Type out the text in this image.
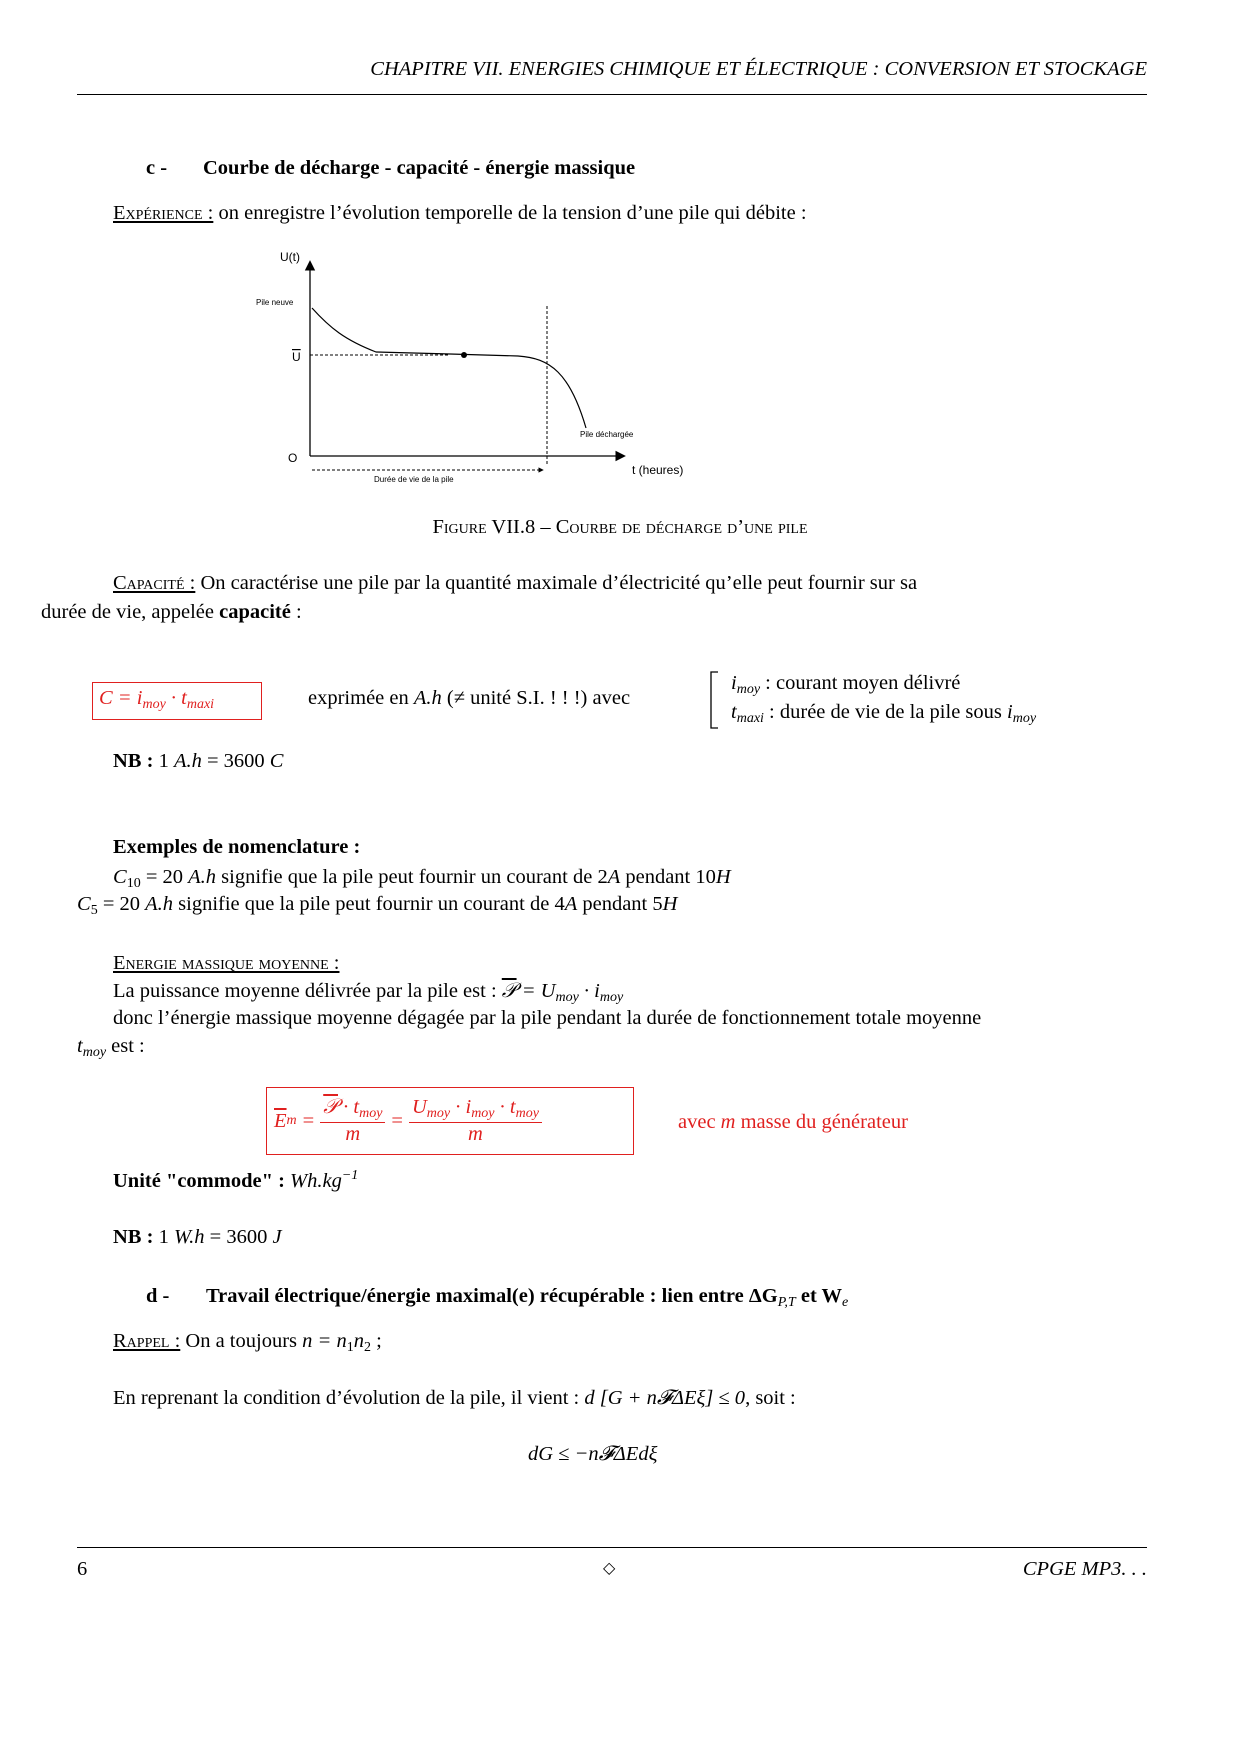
CHAPITRE VII. ENERGIES CHIMIQUE ET ÉLECTRIQUE : CONVERSION ET STOCKAGE
c - Courbe de décharge - capacité - énergie massique
Expérience : on enregistre l’évolution temporelle de la tension d’une pile qui débite :
U(t)
Pile neuve
U
O
Pile déchargée
t (heures)
Durée de vie de la pile
Figure VII.8 – Courbe de décharge d’une pile
Capacité : On caractérise une pile par la quantité maximale d’électricité qu’elle peut fournir sur sa
durée de vie, appelée capacité :
$C = i_{moy} \cdot t_{maxi}$	exprimée en A.h (≠ unité S.I. ! ! !) avec
$i_{moy}$ : courant moyen délivré
$t_{maxi}$ : durée de vie de la pile sous $i_{moy}$
NB : 1 A.h = 3600 C
Exemples de nomenclature :
C10 = 20 A.h signifie que la pile peut fournir un courant de 2A pendant 10H
C5 = 20 A.h signifie que la pile peut fournir un courant de 4A pendant 5H
Energie massique moyenne :
La puissance moyenne délivrée par la pile est : 𝒫 = $U_{moy} \cdot i_{moy}$
donc l’énergie massique moyenne dégagée par la pile pendant la durée de fonctionnement totale moyenne
$t_{moy}$ est :
$\overline{E}$ $m = \frac{𝒫 \cdot t_{moy}}{m} = \frac{U_{moy} \cdot i_{moy} \cdot t_{moy}}{m}$	avec m masse du générateur
Unité "commode" : $Wh.kg^{-1}$
NB : 1 W.h = 3600 J
d - Travail électrique/énergie maximal(e) récupérable : lien entre $\Delta G_{P,T}$ et $W_e$
Rappel : On a toujours n = n1n2 ;
En reprenant la condition d’évolution de la pile, il vient : d [G + n𝓕ΔEξ] ≤ 0, soit :
dG ≤ −n𝓕ΔEdξ
6	◇	CPGE MP3. . .
